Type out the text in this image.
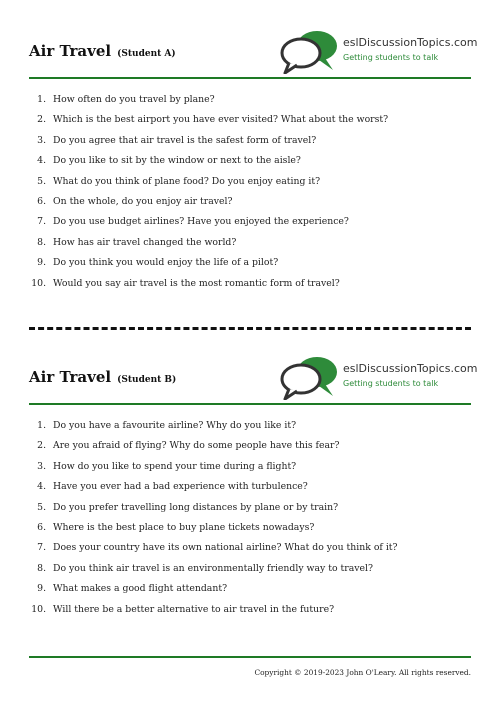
Air Travel (Student A)
eslDiscussionTopics.com
Getting students to talk
1. How often do you travel by plane?
2. Which is the best airport you have ever visited? What about the worst?
3. Do you agree that air travel is the safest form of travel?
4. Do you like to sit by the window or next to the aisle?
5. What do you think of plane food? Do you enjoy eating it?
6. On the whole, do you enjoy air travel?
7. Do you use budget airlines? Have you enjoyed the experience?
8. How has air travel changed the world?
9. Do you think you would enjoy the life of a pilot?
10. Would you say air travel is the most romantic form of travel?
Air Travel (Student B)
eslDiscussionTopics.com
Getting students to talk
1. Do you have a favourite airline? Why do you like it?
2. Are you afraid of flying? Why do some people have this fear?
3. How do you like to spend your time during a flight?
4. Have you ever had a bad experience with turbulence?
5. Do you prefer travelling long distances by plane or by train?
6. Where is the best place to buy plane tickets nowadays?
7. Does your country have its own national airline? What do you think of it?
8. Do you think air travel is an environmentally friendly way to travel?
9. What makes a good flight attendant?
10. Will there be a better alternative to air travel in the future?
Copyright © 2019-2023 John O'Leary. All rights reserved.
